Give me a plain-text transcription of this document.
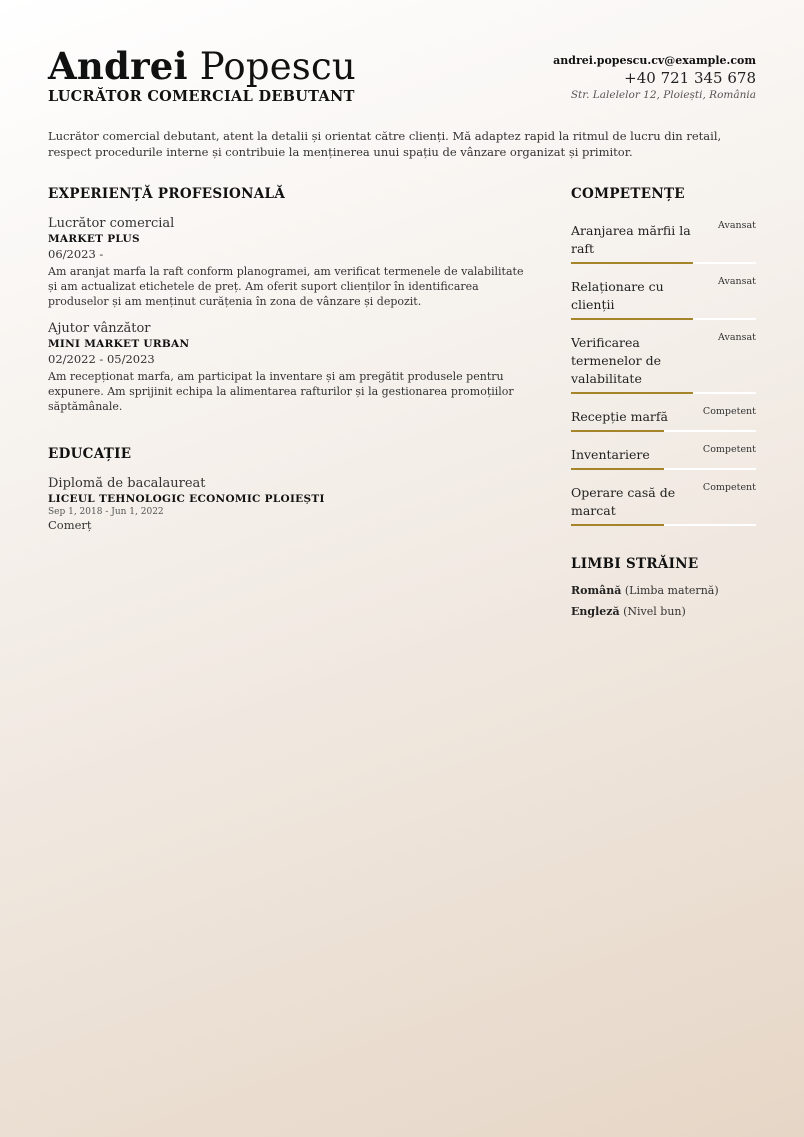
Andrei Popescu
LUCRĂTOR COMERCIAL DEBUTANT
andrei.popescu.cv@example.com
+40 721 345 678
Str. Lalelelor 12, Ploiești, România
Lucrător comercial debutant, atent la detalii și orientat către clienți. Mă adaptez rapid la ritmul de lucru din retail, respect procedurile interne și contribuie la menținerea unui spațiu de vânzare organizat și primitor.
EXPERIENȚĂ PROFESIONALĂ
Lucrător comercial
MARKET PLUS
06/2023 -
Am aranjat marfa la raft conform planogramei, am verificat termenele de valabilitate și am actualizat etichetele de preț. Am oferit suport clienților în identificarea produselor și am menținut curățenia în zona de vânzare și depozit.
Ajutor vânzător
MINI MARKET URBAN
02/2022 - 05/2023
Am recepționat marfa, am participat la inventare și am pregătit produsele pentru expunere. Am sprijinit echipa la alimentarea rafturilor și la gestionarea promoțiilor săptămânale.
EDUCAȚIE
Diplomă de bacalaureat
LICEUL TEHNOLOGIC ECONOMIC PLOIEȘTI
Sep 1, 2018 - Jun 1, 2022
Comerț
COMPETENȚE
Aranjarea mărfii la raft
Avansat
Relaționare cu clienții
Avansat
Verificarea termenelor de valabilitate
Avansat
Recepție marfă	Competent
Inventariere	Competent
Operare casă de marcat
Competent
LIMBI STRĂINE
Română (Limba maternă)
Engleză (Nivel bun)
